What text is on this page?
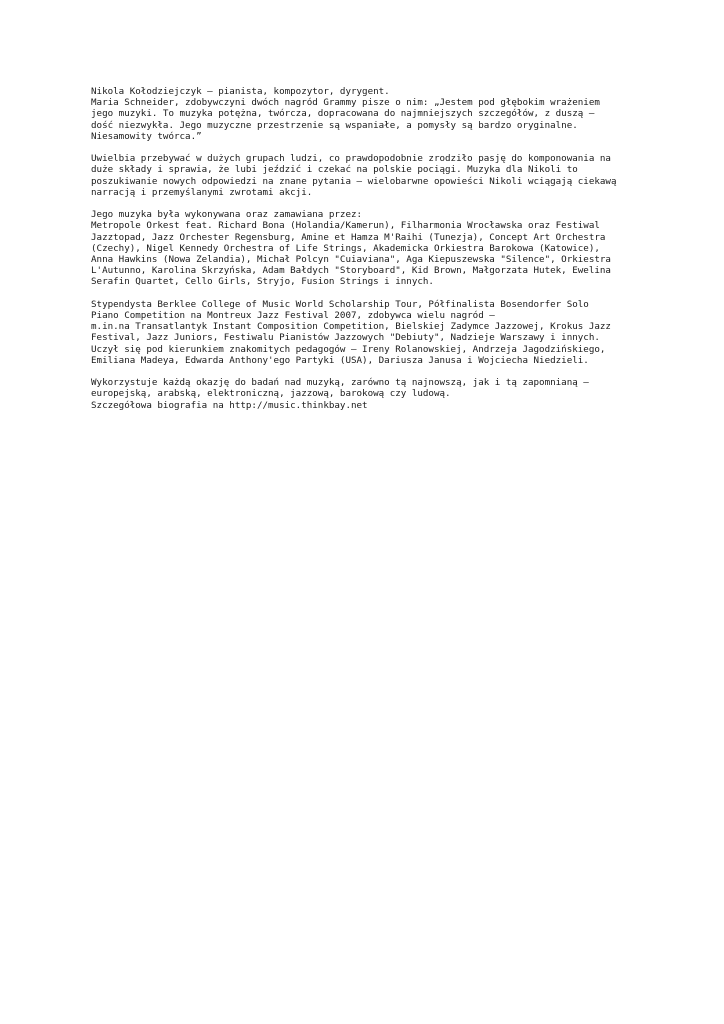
Nikola Kołodziejczyk – pianista, kompozytor, dyrygent.
Maria Schneider, zdobywczyni dwóch nagród Grammy pisze o nim: „Jestem pod głębokim wrażeniem
jego muzyki. To muzyka potężna, twórcza, dopracowana do najmniejszych szczegółów, z duszą –
dość niezwykła. Jego muzyczne przestrzenie są wspaniałe, a pomysły są bardzo oryginalne.
Niesamowity twórca.”
Uwielbia przebywać w dużych grupach ludzi, co prawdopodobnie zrodziło pasję do komponowania na
duże składy i sprawia, że lubi jeździć i czekać na polskie pociągi. Muzyka dla Nikoli to
poszukiwanie nowych odpowiedzi na znane pytania – wielobarwne opowieści Nikoli wciągają ciekawą
narracją i przemyślanymi zwrotami akcji.
Jego muzyka była wykonywana oraz zamawiana przez:
Metropole Orkest feat. Richard Bona (Holandia/Kamerun), Filharmonia Wrocławska oraz Festiwal
Jazztopad, Jazz Orchester Regensburg, Amine et Hamza M'Raihi (Tunezja), Concept Art Orchestra
(Czechy), Nigel Kennedy Orchestra of Life Strings, Akademicka Orkiestra Barokowa (Katowice),
Anna Hawkins (Nowa Zelandia), Michał Polcyn "Cuiaviana", Aga Kiepuszewska "Silence", Orkiestra
L'Autunno, Karolina Skrzyńska, Adam Bałdych "Storyboard", Kid Brown, Małgorzata Hutek, Ewelina
Serafin Quartet, Cello Girls, Stryjo, Fusion Strings i innych.
Stypendysta Berklee College of Music World Scholarship Tour, Półfinalista Bosendorfer Solo
Piano Competition na Montreux Jazz Festival 2007, zdobywca wielu nagród –
m.in.na Transatlantyk Instant Composition Competition, Bielskiej Zadymce Jazzowej, Krokus Jazz
Festival, Jazz Juniors, Festiwalu Pianistów Jazzowych "Debiuty", Nadzieje Warszawy i innych.
Uczył się pod kierunkiem znakomitych pedagogów – Ireny Rolanowskiej, Andrzeja Jagodzińskiego,
Emiliana Madeya, Edwarda Anthony'ego Partyki (USA), Dariusza Janusa i Wojciecha Niedzieli.
Wykorzystuje każdą okazję do badań nad muzyką, zarówno tą najnowszą, jak i tą zapomnianą –
europejską, arabską, elektroniczną, jazzową, barokową czy ludową.
Szczegółowa biografia na http://music.thinkbay.net
